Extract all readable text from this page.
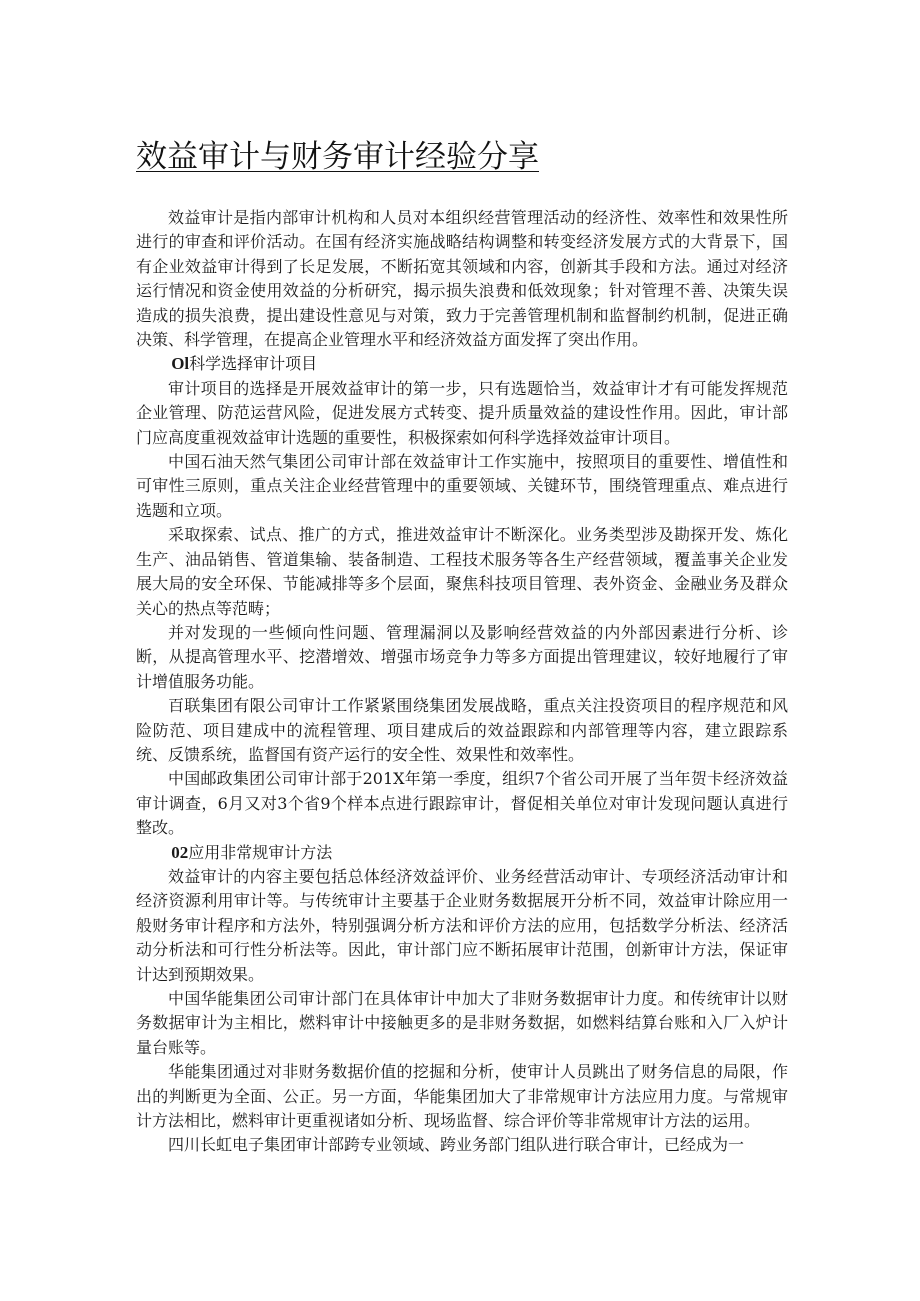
效益审计与财务审计经验分享

效益审计是指内部审计机构和人员对本组织经营管理活动的经济性、效率性和效果性所进行的审查和评价活动。在国有经济实施战略结构调整和转变经济发展方式的大背景下，国有企业效益审计得到了长足发展，不断拓宽其领域和内容，创新其手段和方法。通过对经济运行情况和资金使用效益的分析研究，揭示损失浪费和低效现象；针对管理不善、决策失误造成的损失浪费，提出建设性意见与对策，致力于完善管理机制和监督制约机制，促进正确决策、科学管理，在提高企业管理水平和经济效益方面发挥了突出作用。

Ol科学选择审计项目

审计项目的选择是开展效益审计的第一步，只有选题恰当，效益审计才有可能发挥规范企业管理、防范运营风险，促进发展方式转变、提升质量效益的建设性作用。因此，审计部门应高度重视效益审计选题的重要性，积极探索如何科学选择效益审计项目。

中国石油天然气集团公司审计部在效益审计工作实施中，按照项目的重要性、增值性和可审性三原则，重点关注企业经营管理中的重要领域、关键环节，围绕管理重点、难点进行选题和立项。

采取探索、试点、推广的方式，推进效益审计不断深化。业务类型涉及勘探开发、炼化生产、油品销售、管道集输、装备制造、工程技术服务等各生产经营领域，覆盖事关企业发展大局的安全环保、节能减排等多个层面，聚焦科技项目管理、表外资金、金融业务及群众关心的热点等范畴；

并对发现的一些倾向性问题、管理漏洞以及影响经营效益的内外部因素进行分析、诊断，从提高管理水平、挖潜增效、增强市场竞争力等多方面提出管理建议，较好地履行了审计增值服务功能。

百联集团有限公司审计工作紧紧围绕集团发展战略，重点关注投资项目的程序规范和风险防范、项目建成中的流程管理、项目建成后的效益跟踪和内部管理等内容，建立跟踪系统、反馈系统，监督国有资产运行的安全性、效果性和效率性。

中国邮政集团公司审计部于201X年第一季度，组织7个省公司开展了当年贺卡经济效益审计调查，6月又对3个省9个样本点进行跟踪审计，督促相关单位对审计发现问题认真进行整改。

02应用非常规审计方法

效益审计的内容主要包括总体经济效益评价、业务经营活动审计、专项经济活动审计和经济资源利用审计等。与传统审计主要基于企业财务数据展开分析不同，效益审计除应用一般财务审计程序和方法外，特别强调分析方法和评价方法的应用，包括数学分析法、经济活动分析法和可行性分析法等。因此，审计部门应不断拓展审计范围，创新审计方法，保证审计达到预期效果。

中国华能集团公司审计部门在具体审计中加大了非财务数据审计力度。和传统审计以财务数据审计为主相比，燃料审计中接触更多的是非财务数据，如燃料结算台账和入厂入炉计量台账等。

华能集团通过对非财务数据价值的挖掘和分析，使审计人员跳出了财务信息的局限，作出的判断更为全面、公正。另一方面，华能集团加大了非常规审计方法应用力度。与常规审计方法相比，燃料审计更重视诸如分析、现场监督、综合评价等非常规审计方法的运用。

四川长虹电子集团审计部跨专业领域、跨业务部门组队进行联合审计，已经成为一
